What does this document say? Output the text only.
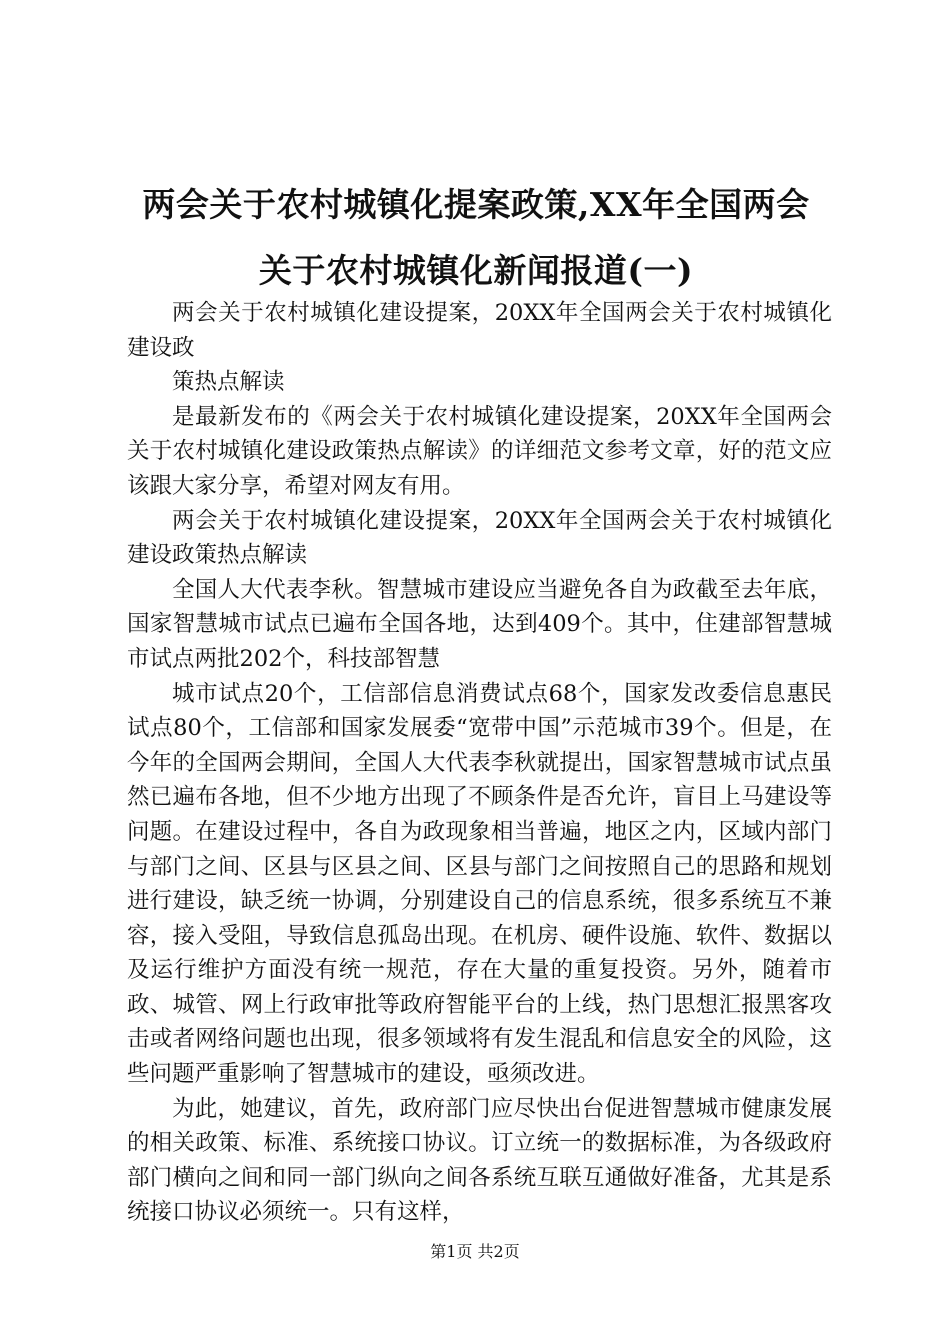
两会关于农村城镇化提案政策,XX年全国两会
关于农村城镇化新闻报道(一)

两会关于农村城镇化建设提案，20XX年全国两会关于农村城镇化建设政

策热点解读

是最新发布的《两会关于农村城镇化建设提案，20XX年全国两会关于农村城镇化建设政策热点解读》的详细范文参考文章，好的范文应该跟大家分享，希望对网友有用。

两会关于农村城镇化建设提案，20XX年全国两会关于农村城镇化建设政策热点解读

全国人大代表李秋。智慧城市建设应当避免各自为政截至去年底，国家智慧城市试点已遍布全国各地，达到409个。其中，住建部智慧城市试点两批202个，科技部智慧

城市试点20个，工信部信息消费试点68个，国家发改委信息惠民试点80个，工信部和国家发展委“宽带中国”示范城市39个。但是，在今年的全国两会期间，全国人大代表李秋就提出，国家智慧城市试点虽然已遍布各地，但不少地方出现了不顾条件是否允许，盲目上马建设等问题。在建设过程中，各自为政现象相当普遍，地区之内，区域内部门与部门之间、区县与区县之间、区县与部门之间按照自己的思路和规划进行建设，缺乏统一协调，分别建设自己的信息系统，很多系统互不兼容，接入受阻，导致信息孤岛出现。在机房、硬件设施、软件、数据以及运行维护方面没有统一规范，存在大量的重复投资。另外，随着市政、城管、网上行政审批等政府智能平台的上线，热门思想汇报黑客攻击或者网络问题也出现，很多领域将有发生混乱和信息安全的风险，这些问题严重影响了智慧城市的建设，亟须改进。

为此，她建议，首先，政府部门应尽快出台促进智慧城市健康发展的相关政策、标准、系统接口协议。订立统一的数据标准，为各级政府部门横向之间和同一部门纵向之间各系统互联互通做好准备，尤其是系统接口协议必须统一。只有这样，

第1页 共2页
